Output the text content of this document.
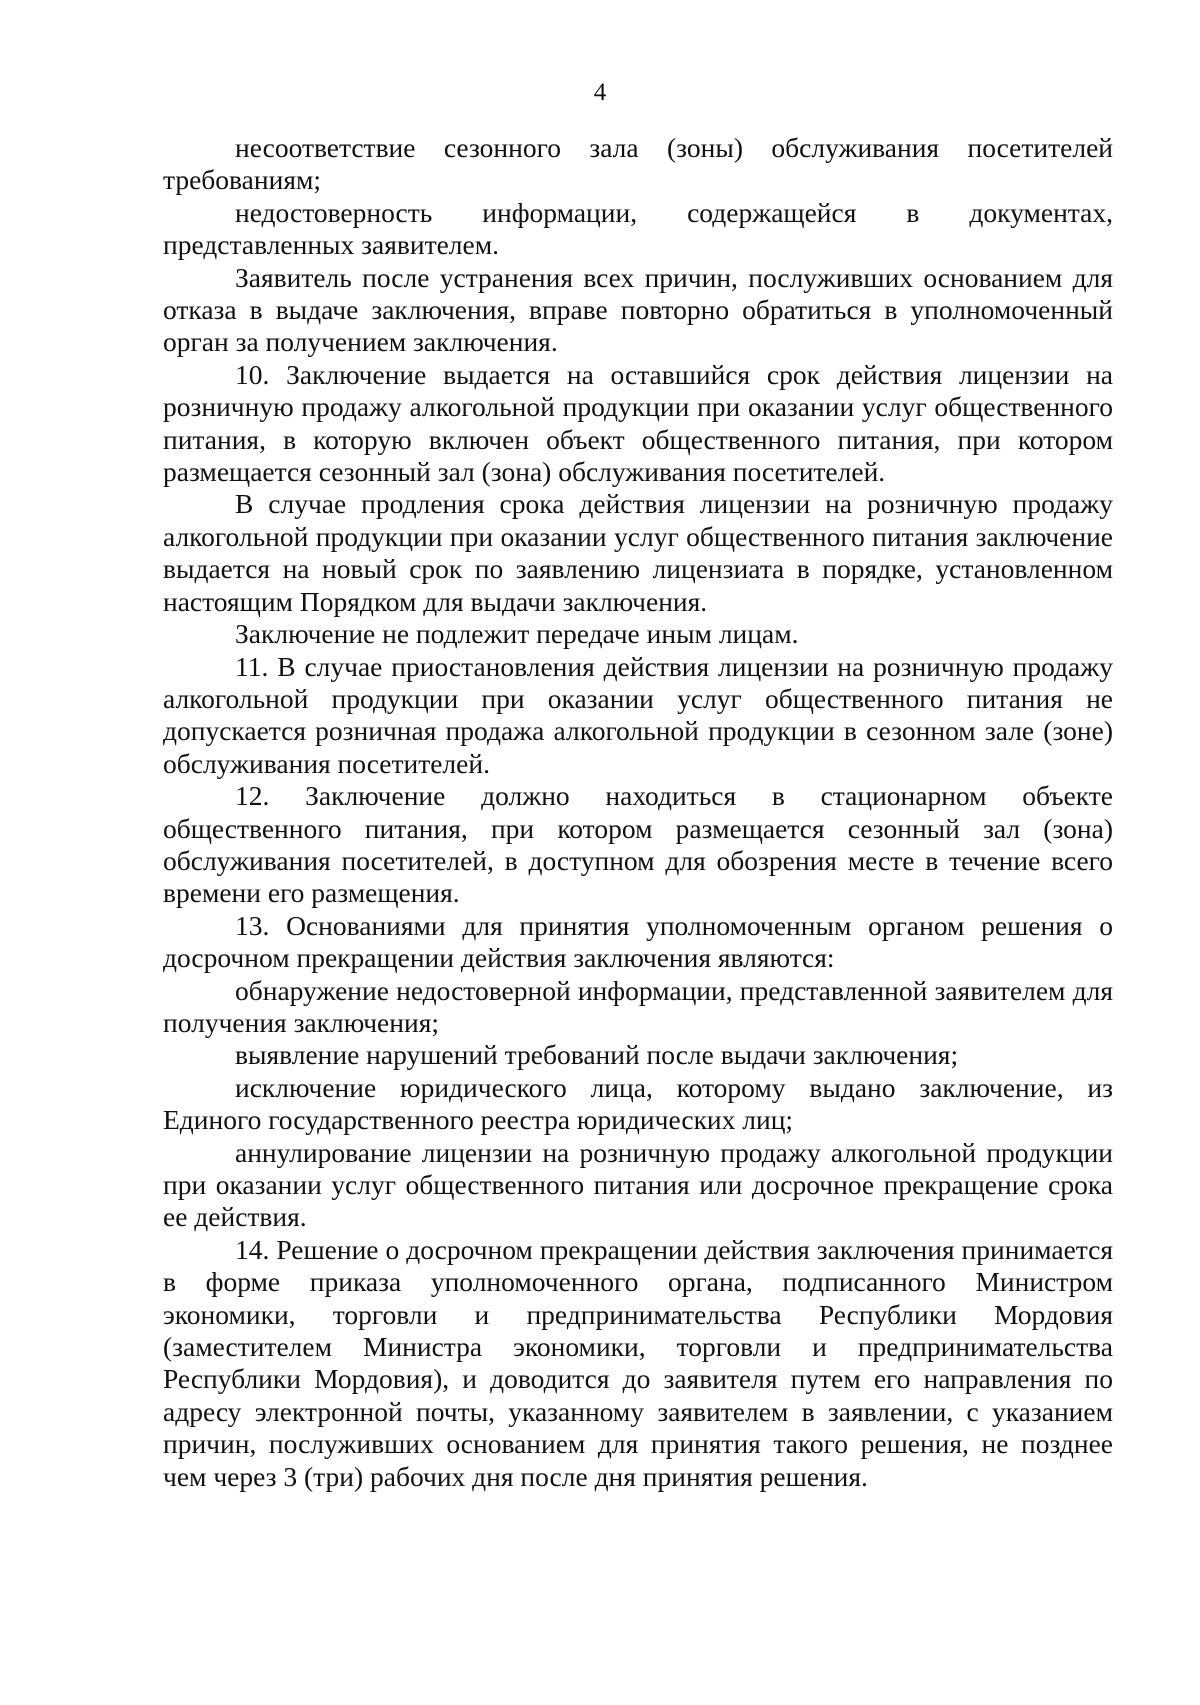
4

несоответствие сезонного зала (зоны) обслуживания посетителей требованиям;

недостоверность информации, содержащейся в документах, представленных заявителем.

Заявитель после устранения всех причин, послуживших основанием для отказа в выдаче заключения, вправе повторно обратиться в уполномоченный орган за получением заключения.

10. Заключение выдается на оставшийся срок действия лицензии на розничную продажу алкогольной продукции при оказании услуг общественного питания, в которую включен объект общественного питания, при котором размещается сезонный зал (зона) обслуживания посетителей.

В случае продления срока действия лицензии на розничную продажу алкогольной продукции при оказании услуг общественного питания заключение выдается на новый срок по заявлению лицензиата в порядке, установленном настоящим Порядком для выдачи заключения.

Заключение не подлежит передаче иным лицам.

11. В случае приостановления действия лицензии на розничную продажу алкогольной продукции при оказании услуг общественного питания не допускается розничная продажа алкогольной продукции в сезонном зале (зоне) обслуживания посетителей.

12. Заключение должно находиться в стационарном объекте общественного питания, при котором размещается сезонный зал (зона) обслуживания посетителей, в доступном для обозрения месте в течение всего времени его размещения.

13. Основаниями для принятия уполномоченным органом решения о досрочном прекращении действия заключения являются:

обнаружение недостоверной информации, представленной заявителем для получения заключения;

выявление нарушений требований после выдачи заключения;

исключение юридического лица, которому выдано заключение, из Единого государственного реестра юридических лиц;

аннулирование лицензии на розничную продажу алкогольной продукции при оказании услуг общественного питания или досрочное прекращение срока ее действия.

14. Решение о досрочном прекращении действия заключения принимается в форме приказа уполномоченного органа, подписанного Министром экономики, торговли и предпринимательства Республики Мордовия (заместителем Министра экономики, торговли и предпринимательства Республики Мордовия), и доводится до заявителя путем его направления по адресу электронной почты, указанному заявителем в заявлении, с указанием причин, послуживших основанием для принятия такого решения, не позднее чем через 3 (три) рабочих дня после дня принятия решения.
